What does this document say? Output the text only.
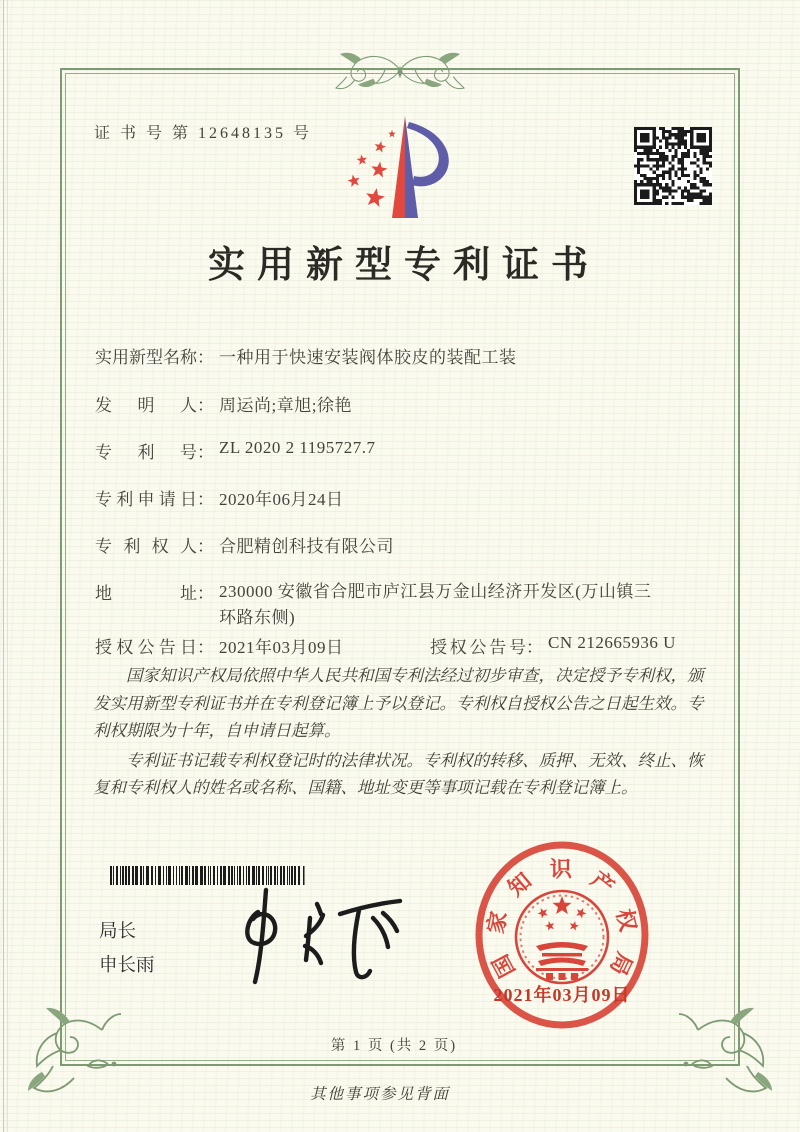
证 书 号 第 12648135 号
实用新型专利证书
实用新型名称： 一种用于快速安装阀体胶皮的装配工装
发 明 人： 周运尚;章旭;徐艳
专 利 号： ZL 2020 2 1195727.7
专利申请日： 2020年06月24日
专 利 权 人： 合肥精创科技有限公司
地 址： 230000 安徽省合肥市庐江县万金山经济开发区(万山镇三环路东侧)
授权公告日： 2021年03月09日	授权公告号： CN 212665936 U

国家知识产权局依照中华人民共和国专利法经过初步审查，决定授予专利权，颁发实用新型专利证书并在专利登记簿上予以登记。专利权自授权公告之日起生效。专利权期限为十年，自申请日起算。

专利证书记载专利权登记时的法律状况。专利权的转移、质押、无效、终止、恢复和专利权人的姓名或名称、国籍、地址变更等事项记载在专利登记簿上。

局长
申长雨	国
家
知 识 产
权
局
2021年03月09日
第 1 页 (共 2 页)
其他事项参见背面
